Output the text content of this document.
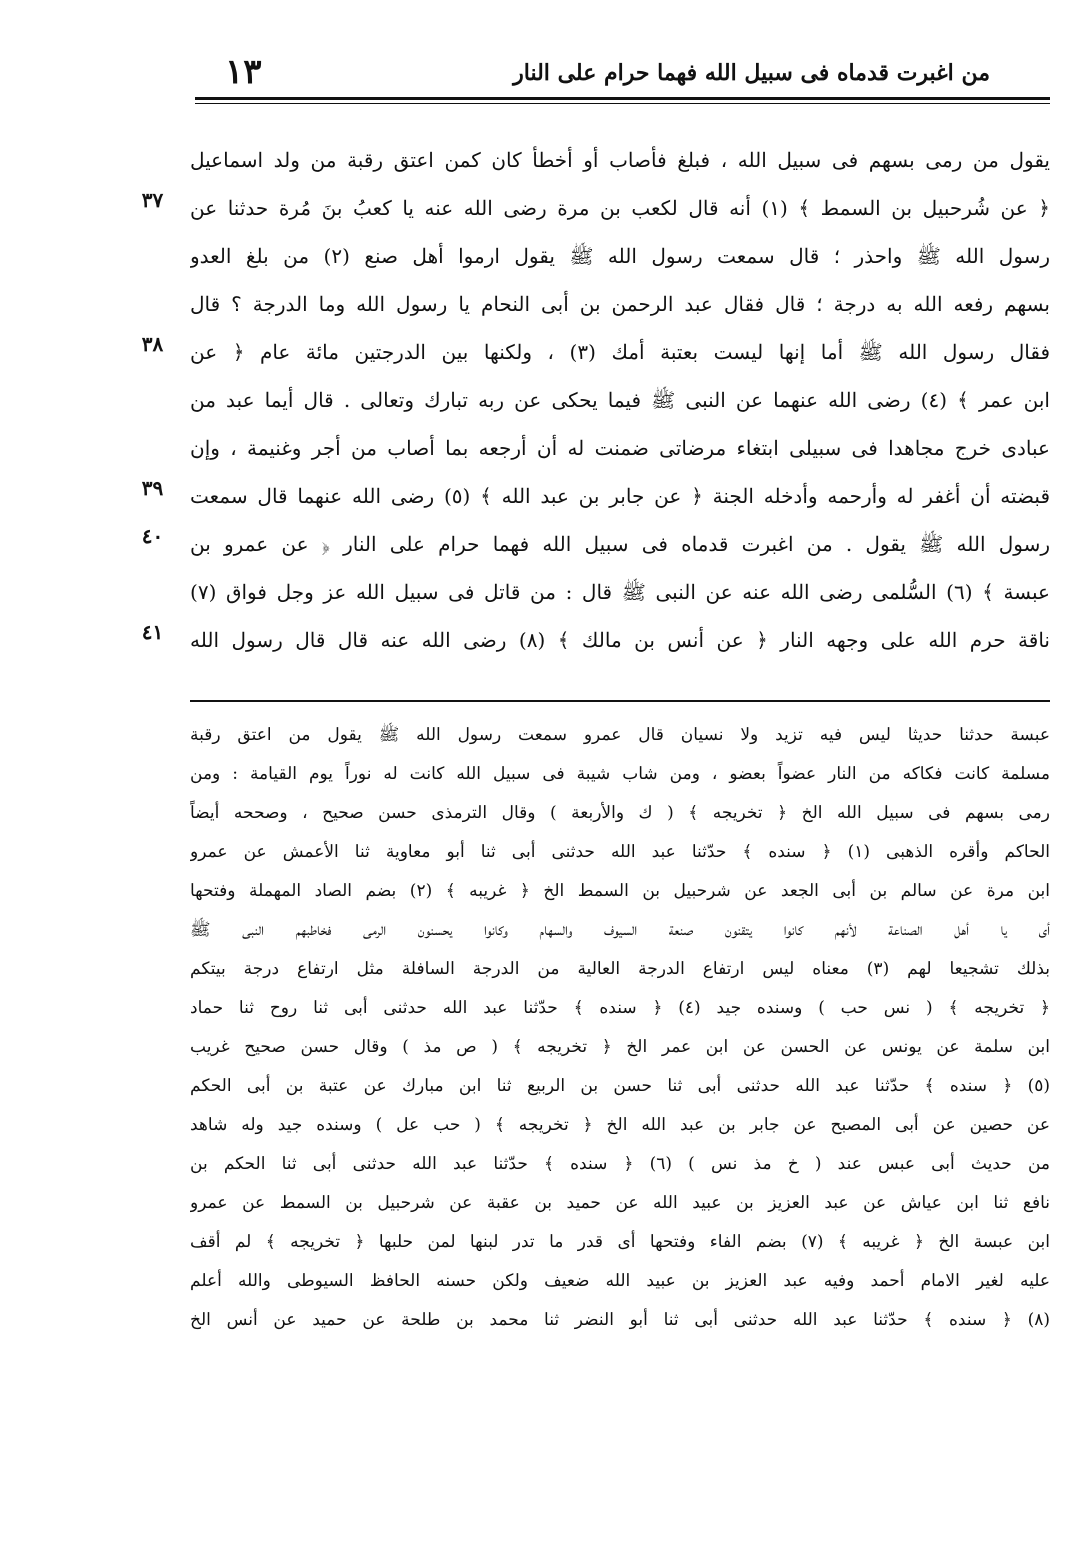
من اغبرت قدماه فى سبيل الله فهما حرام على النار
١٣
يقول من رمى بسهم فى سبيل الله ، فبلغ فأصاب أو أخطأ كان كمن اعتق رقبة من ولد اسماعيل
﴿ عن شُرحبيل بن السمط ﴾ (١) أنه قال لكعب بن مرة رضى الله عنه يا كعبُ بنَ مُرة حدثنا عن
رسول الله ﷺ واحذر ؛ قال سمعت رسول الله ﷺ يقول ارموا أهل صنع (٢) من بلغ العدو
بسهم رفعه الله به درجة ؛ قال فقال عبد الرحمن بن أبى النحام يا رسول الله وما الدرجة ؟ قال
فقال رسول الله ﷺ أما إنها ليست بعتبة أمك (٣) ، ولكنها بين الدرجتين مائة عام ﴿ عن
ابن عمر ﴾ (٤) رضى الله عنهما عن النبى ﷺ فيما يحكى عن ربه تبارك وتعالى . قال أيما عبد من
عبادى خرج مجاهدا فى سبيلى ابتغاء مرضاتى ضمنت له أن أرجعه بما أصاب من أجر وغنيمة ، وإن
قبضته أن أغفر له وأرحمه وأدخله الجنة ﴿ عن جابر بن عبد الله ﴾ (٥) رضى الله عنهما قال سمعت
رسول الله ﷺ يقول . من اغبرت قدماه فى سبيل الله فهما حرام على النار ﴿ عن عمرو بن
عبسة ﴾ (٦) السُّلمى رضى الله عنه عن النبى ﷺ قال : من قاتل فى سبيل الله عز وجل فواق (٧)
ناقة حرم الله على وجهه النار ﴿ عن أنس بن مالك ﴾ (٨) رضى الله عنه قال قال رسول الله
٣٧
٣٨
٣٩
٤٠
٤١
عبسة حدثنا حديثا ليس فيه تزيد ولا نسيان قال عمرو سمعت رسول الله ﷺ يقول من اعتق رقبة
مسلمة كانت فكاكه من النار عضواً بعضو ، ومن شاب شيبة فى سبيل الله كانت له نوراً يوم القيامة : ومن
رمى بسهم فى سبيل الله الخ ﴿ تخريجه ﴾ ( ك والأربعة ) وقال الترمذى حسن صحيح ، وصححه أيضاً
الحاكم وأقره الذهبى (١) ﴿ سنده ﴾ حدّثنا عبد الله حدثنى أبى ثنا أبو معاوية ثنا الأعمش عن عمرو
ابن مرة عن سالم بن أبى الجعد عن شرحبيل بن السمط الخ ﴿ غريبه ﴾ (٢) بضم الصاد المهملة وفتحها
أى يا أهل الصناعة لأنهم كانوا يتقنون صنعة السيوف والسهام وكانوا يحسنون الرمى فخاطبهم النبى ﷺ
بذلك تشجيعا لهم (٣) معناه ليس ارتفاع الدرجة العالية من الدرجة السافلة مثل ارتفاع درجة بيتكم
﴿ تخريجه ﴾ ( نس حب ) وسنده جيد (٤) ﴿ سنده ﴾ حدّثنا عبد الله حدثنى أبى ثنا روح ثنا حماد
ابن سلمة عن يونس عن الحسن عن ابن عمر الخ ﴿ تخريجه ﴾ ( ص مذ ) وقال حسن صحيح غريب
(٥) ﴿ سنده ﴾ حدّثنا عبد الله حدثنى أبى ثنا حسن بن الربيع ثنا ابن مبارك عن عتبة بن أبى الحكم
عن حصين عن أبى المصبح عن جابر بن عبد الله الخ ﴿ تخريجه ﴾ ( حب عل ) وسنده جيد وله شاهد
من حديث أبى عبس عند ( خ مذ نس ) (٦) ﴿ سنده ﴾ حدّثنا عبد الله حدثنى أبى ثنا الحكم بن
نافع ثنا ابن عياش عن عبد العزيز بن عبيد الله عن حميد بن عقبة عن شرحبيل بن السمط عن عمرو
ابن عبسة الخ ﴿ غريبه ﴾ (٧) بضم الفاء وفتحها أى قدر ما تدر لبنها لمن حلبها ﴿ تخريجه ﴾ لم أقف
عليه لغير الامام أحمد وفيه عبد العزيز بن عبيد الله ضعيف ولكن حسنه الحافظ السيوطى والله أعلم
(٨) ﴿ سنده ﴾ حدّثنا عبد الله حدثنى أبى ثنا أبو النضر ثنا محمد بن طلحة عن حميد عن أنس الخ
